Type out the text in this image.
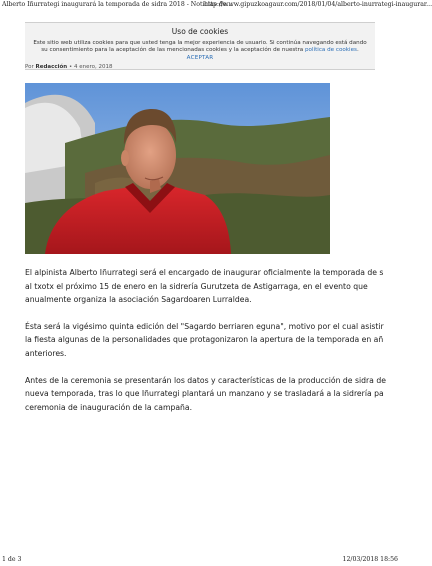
Alberto Iñurrategi inaugurará la temporada de sidra 2018 - Noticias de...
http://www.gipuzkoagaur.com/2018/01/04/alberto-inurrategi-inaugurar...
Uso de cookies
Este sitio web utiliza cookies para que usted tenga la mejor experiencia de usuario. Si continúa navegando está dando su consentimiento para la aceptación de las mencionadas cookies y la aceptación de nuestra política de cookies.
ACEPTAR
Por Redacción • 4 enero, 2018

El alpinista Alberto Iñurrategi será el encargado de inaugurar oficialmente la temporada de s
al txotx el próximo 15 de enero en la sidrería Gurutzeta de Astigarraga, en el evento que
anualmente organiza la asociación Sagardoaren Lurraldea.

Ésta será la vigésimo quinta edición del "Sagardo berriaren eguna", motivo por el cual asistir
la fiesta algunas de la personalidades que protagonizaron la apertura de la temporada en añ
anteriores.

Antes de la ceremonia se presentarán los datos y características de la producción de sidra de
nueva temporada, tras lo que Iñurrategi plantará un manzano y se trasladará a la sidrería pa
ceremonia de inauguración de la campaña.

1 de 3	12/03/2018 18:56
